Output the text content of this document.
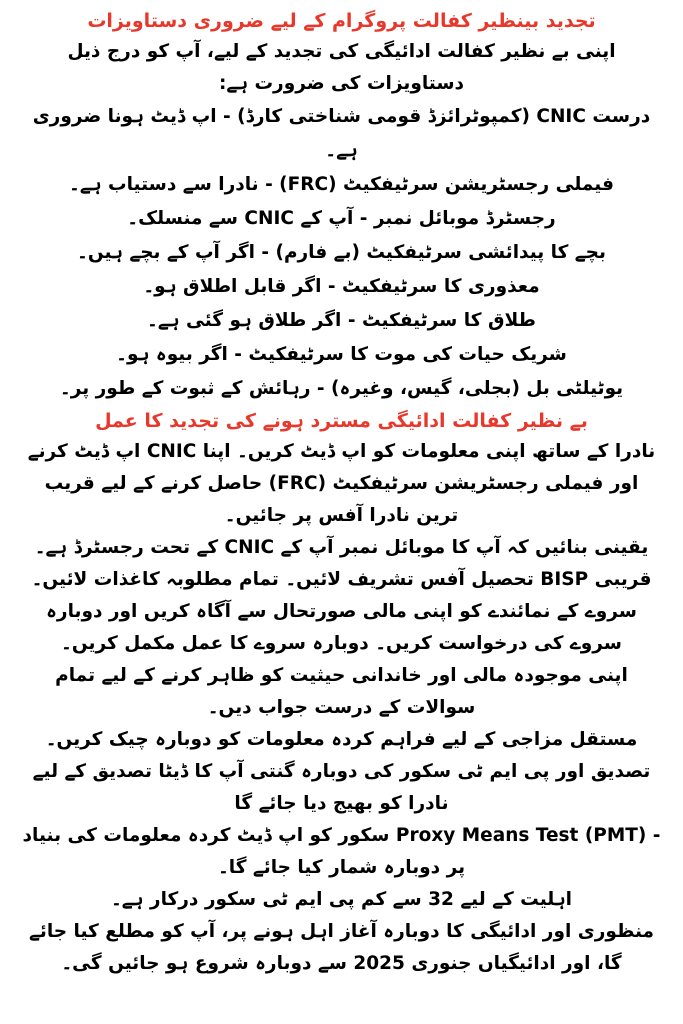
تجدید بینظیر کفالت پروگرام کے لیے ضروری دستاویزات

اپنی بے نظیر کفالت ادائیگی کی تجدید کے لیے، آپ کو درج ذیل دستاویزات کی ضرورت ہے:

درست CNIC (کمپوٹرائزڈ قومی شناختی کارڈ) - اپ ڈیٹ ہونا ضروری ہے۔

فیملی رجسٹریشن سرٹیفکیٹ (FRC) - نادرا سے دستیاب ہے۔

رجسٹرڈ موبائل نمبر - آپ کے CNIC سے منسلک۔

بچے کا پیدائشی سرٹیفکیٹ (بے فارم) - اگر آپ کے بچے ہیں۔

معذوری کا سرٹیفکیٹ - اگر قابل اطلاق ہو۔

طلاق کا سرٹیفکیٹ - اگر طلاق ہو گئی ہے۔

شریک حیات کی موت کا سرٹیفکیٹ - اگر بیوہ ہو۔

یوٹیلٹی بل (بجلی، گیس، وغیرہ) - رہائش کے ثبوت کے طور پر۔

بے نظیر کفالت ادائیگی مسترد ہونے کی تجدید کا عمل

نادرا کے ساتھ اپنی معلومات کو اپ ڈیٹ کریں۔ اپنا CNIC اپ ڈیٹ کرنے اور فیملی رجسٹریشن سرٹیفکیٹ (FRC) حاصل کرنے کے لیے قریب ترین نادرا آفس پر جائیں۔

یقینی بنائیں کہ آپ کا موبائل نمبر آپ کے CNIC کے تحت رجسٹرڈ ہے۔ قریبی BISP تحصیل آفس تشریف لائیں۔ تمام مطلوبہ کاغذات لائیں۔

سروے کے نمائندے کو اپنی مالی صورتحال سے آگاہ کریں اور دوبارہ سروے کی درخواست کریں۔ دوبارہ سروے کا عمل مکمل کریں۔

اپنی موجودہ مالی اور خاندانی حیثیت کو ظاہر کرنے کے لیے تمام سوالات کے درست جواب دیں۔

مستقل مزاجی کے لیے فراہم کردہ معلومات کو دوبارہ چیک کریں۔ تصدیق اور پی ایم ٹی سکور کی دوبارہ گنتی آپ کا ڈیٹا تصدیق کے لیے نادرا کو بھیج دیا جائے گا

- Proxy Means Test (PMT) سکور کو اپ ڈیٹ کردہ معلومات کی بنیاد پر دوبارہ شمار کیا جائے گا۔

اہلیت کے لیے 32 سے کم پی ایم ٹی سکور درکار ہے۔

منظوری اور ادائیگی کا دوبارہ آغاز اہل ہونے پر، آپ کو مطلع کیا جائے گا، اور ادائیگیاں جنوری 2025 سے دوبارہ شروع ہو جائیں گی۔
